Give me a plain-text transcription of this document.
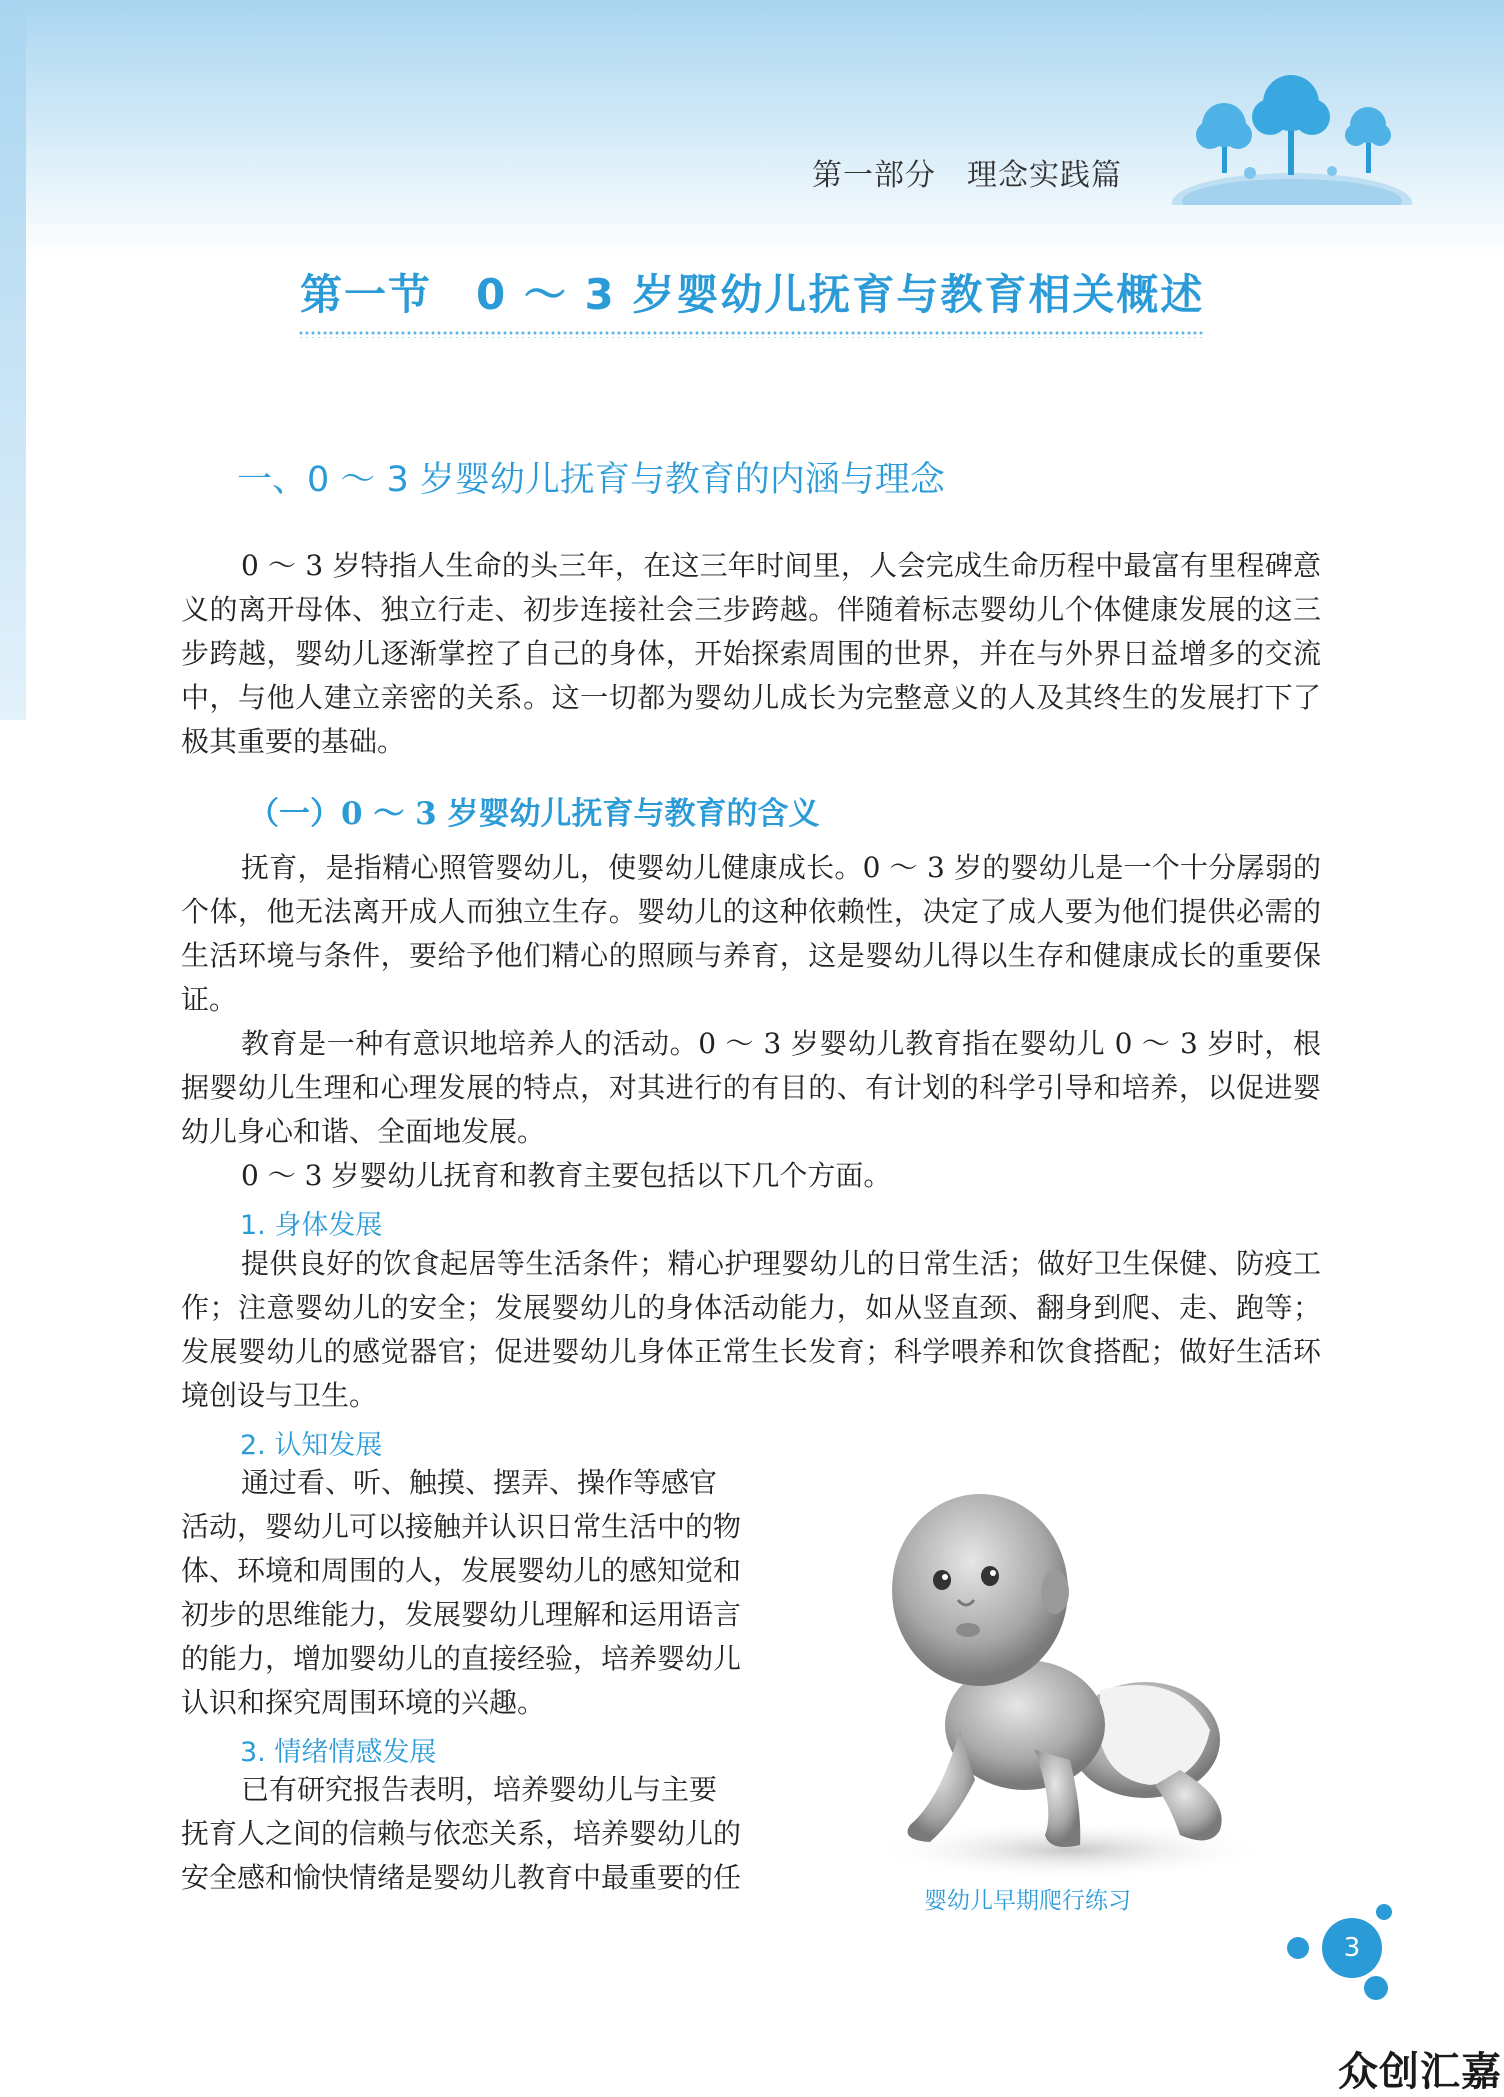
第一部分　理念实践篇
第一节　0 ～ 3 岁婴幼儿抚育与教育相关概述
一、0 ～ 3 岁婴幼儿抚育与教育的内涵与理念

0 ～ 3 岁特指人生命的头三年，在这三年时间里，人会完成生命历程中最富有里程碑意义的离开母体、独立行走、初步连接社会三步跨越。伴随着标志婴幼儿个体健康发展的这三步跨越，婴幼儿逐渐掌控了自己的身体，开始探索周围的世界，并在与外界日益增多的交流中，与他人建立亲密的关系。这一切都为婴幼儿成长为完整意义的人及其终生的发展打下了极其重要的基础。

（一）0 ～ 3 岁婴幼儿抚育与教育的含义

抚育，是指精心照管婴幼儿，使婴幼儿健康成长。0 ～ 3 岁的婴幼儿是一个十分孱弱的个体，他无法离开成人而独立生存。婴幼儿的这种依赖性，决定了成人要为他们提供必需的生活环境与条件，要给予他们精心的照顾与养育，这是婴幼儿得以生存和健康成长的重要保证。

教育是一种有意识地培养人的活动。0 ～ 3 岁婴幼儿教育指在婴幼儿 0 ～ 3 岁时，根据婴幼儿生理和心理发展的特点，对其进行的有目的、有计划的科学引导和培养，以促进婴幼儿身心和谐、全面地发展。

0 ～ 3 岁婴幼儿抚育和教育主要包括以下几个方面。

1. 身体发展

提供良好的饮食起居等生活条件；精心护理婴幼儿的日常生活；做好卫生保健、防疫工作；注意婴幼儿的安全；发展婴幼儿的身体活动能力，如从竖直颈、翻身到爬、走、跑等；发展婴幼儿的感觉器官；促进婴幼儿身体正常生长发育；科学喂养和饮食搭配；做好生活环境创设与卫生。

2. 认知发展
通过看、听、触摸、摆弄、操作等感官
活动，婴幼儿可以接触并认识日常生活中的物
体、环境和周围的人，发展婴幼儿的感知觉和
初步的思维能力，发展婴幼儿理解和运用语言
的能力，增加婴幼儿的直接经验，培养婴幼儿
认识和探究周围环境的兴趣。
3. 情绪情感发展
已有研究报告表明，培养婴幼儿与主要
抚育人之间的信赖与依恋关系，培养婴幼儿的
安全感和愉快情绪是婴幼儿教育中最重要的任
婴幼儿早期爬行练习
3
众创汇嘉
